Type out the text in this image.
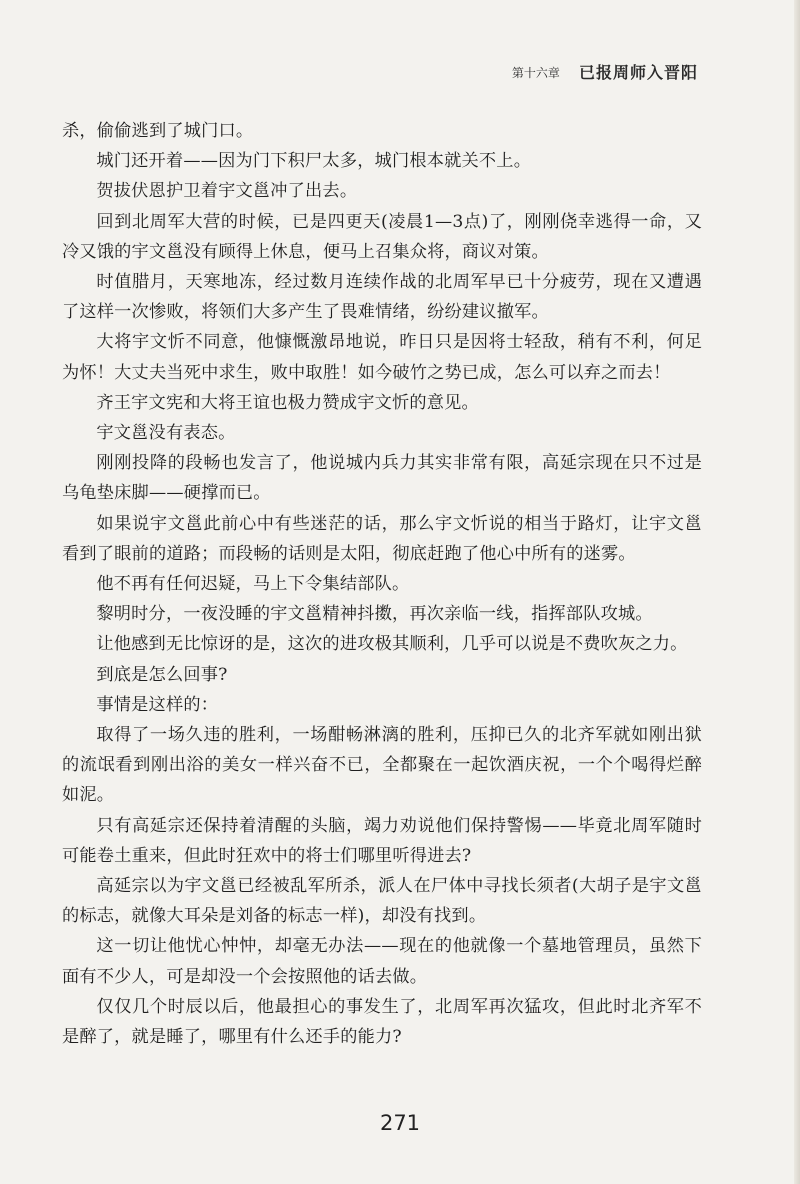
第十六章 已报周师入晋阳

杀，偷偷逃到了城门口。

城门还开着——因为门下积尸太多，城门根本就关不上。

贺拔伏恩护卫着宇文邕冲了出去。

回到北周军大营的时候，已是四更天(凌晨1—3点)了，刚刚侥幸逃得一命，又冷又饿的宇文邕没有顾得上休息，便马上召集众将，商议对策。

时值腊月，天寒地冻，经过数月连续作战的北周军早已十分疲劳，现在又遭遇了这样一次惨败，将领们大多产生了畏难情绪，纷纷建议撤军。

大将宇文忻不同意，他慷慨激昂地说，昨日只是因将士轻敌，稍有不利，何足为怀！大丈夫当死中求生，败中取胜！如今破竹之势已成，怎么可以弃之而去！

齐王宇文宪和大将王谊也极力赞成宇文忻的意见。

宇文邕没有表态。

刚刚投降的段畅也发言了，他说城内兵力其实非常有限，高延宗现在只不过是乌龟垫床脚——硬撑而已。

如果说宇文邕此前心中有些迷茫的话，那么宇文忻说的相当于路灯，让宇文邕看到了眼前的道路；而段畅的话则是太阳，彻底赶跑了他心中所有的迷雾。

他不再有任何迟疑，马上下令集结部队。

黎明时分，一夜没睡的宇文邕精神抖擞，再次亲临一线，指挥部队攻城。

让他感到无比惊讶的是，这次的进攻极其顺利，几乎可以说是不费吹灰之力。

到底是怎么回事?

事情是这样的：

取得了一场久违的胜利，一场酣畅淋漓的胜利，压抑已久的北齐军就如刚出狱的流氓看到刚出浴的美女一样兴奋不已，全都聚在一起饮酒庆祝，一个个喝得烂醉如泥。

只有高延宗还保持着清醒的头脑，竭力劝说他们保持警惕——毕竟北周军随时可能卷土重来，但此时狂欢中的将士们哪里听得进去?

高延宗以为宇文邕已经被乱军所杀，派人在尸体中寻找长须者(大胡子是宇文邕的标志，就像大耳朵是刘备的标志一样)，却没有找到。

这一切让他忧心忡忡，却毫无办法——现在的他就像一个墓地管理员，虽然下面有不少人，可是却没一个会按照他的话去做。

仅仅几个时辰以后，他最担心的事发生了，北周军再次猛攻，但此时北齐军不是醉了，就是睡了，哪里有什么还手的能力?

271
